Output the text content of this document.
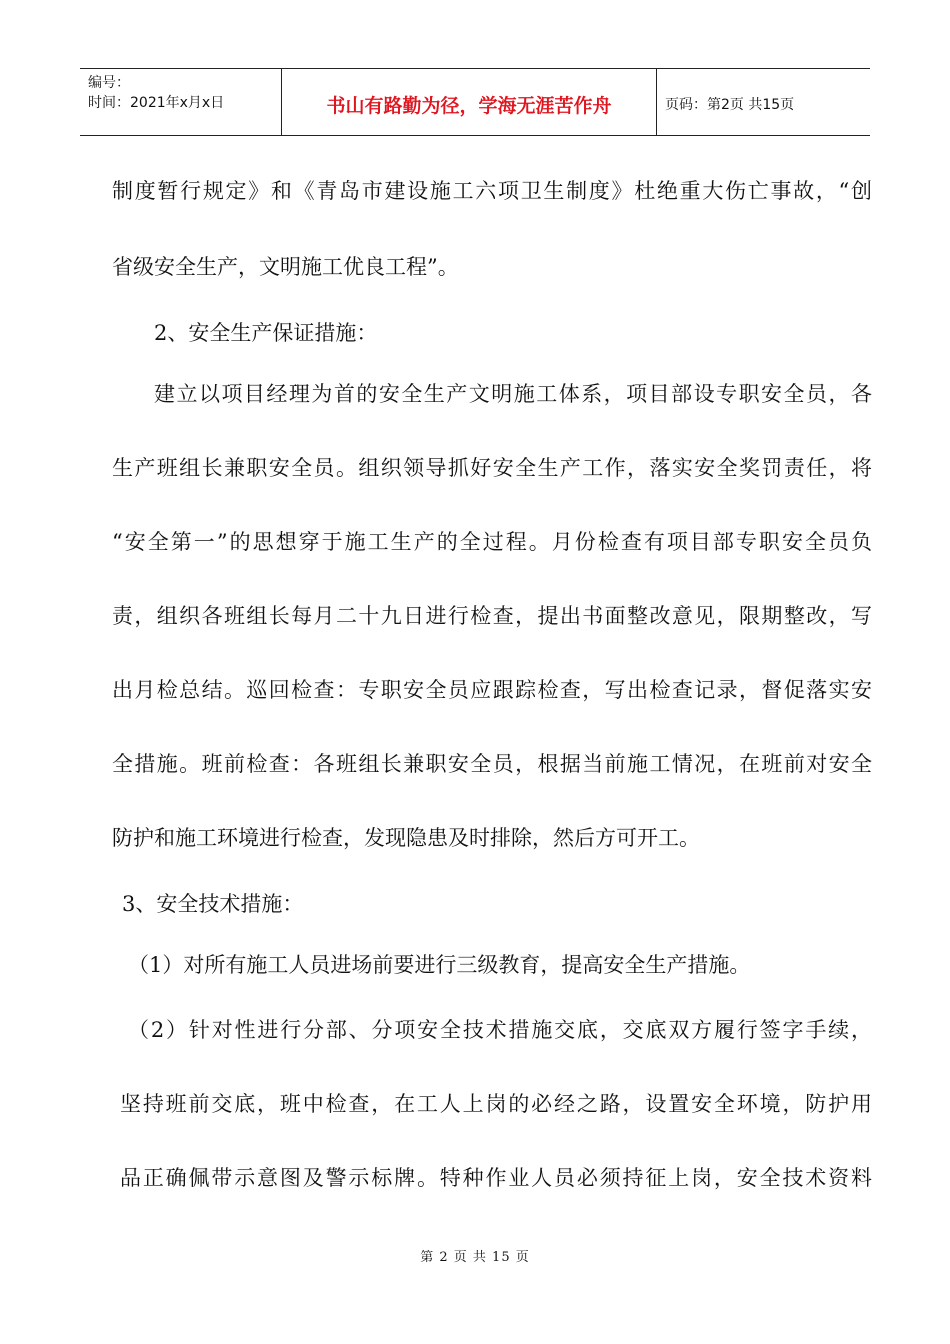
编号：
时间：2021年x月x日	书山有路勤为径，学海无涯苦作舟	页码：第2页 共15页
制度暂行规定》和《青岛市建设施工六项卫生制度》杜绝重大伤亡事故，“创
省级安全生产，文明施工优良工程”。
2、安全生产保证措施：
建立以项目经理为首的安全生产文明施工体系，项目部设专职安全员，各
生产班组长兼职安全员。组织领导抓好安全生产工作，落实安全奖罚责任，将
“安全第一”的思想穿于施工生产的全过程。月份检查有项目部专职安全员负
责，组织各班组长每月二十九日进行检查，提出书面整改意见，限期整改，写
出月检总结。巡回检查：专职安全员应跟踪检查，写出检查记录，督促落实安
全措施。班前检查：各班组长兼职安全员，根据当前施工情况，在班前对安全
防护和施工环境进行检查，发现隐患及时排除，然后方可开工。
3、安全技术措施：
（1）对所有施工人员进场前要进行三级教育，提高安全生产措施。
（2）针对性进行分部、分项安全技术措施交底，交底双方履行签字手续，
坚持班前交底，班中检查，在工人上岗的必经之路，设置安全环境，防护用
品正确佩带示意图及警示标牌。特种作业人员必须持征上岗，安全技术资料
第 2 页 共 15 页
